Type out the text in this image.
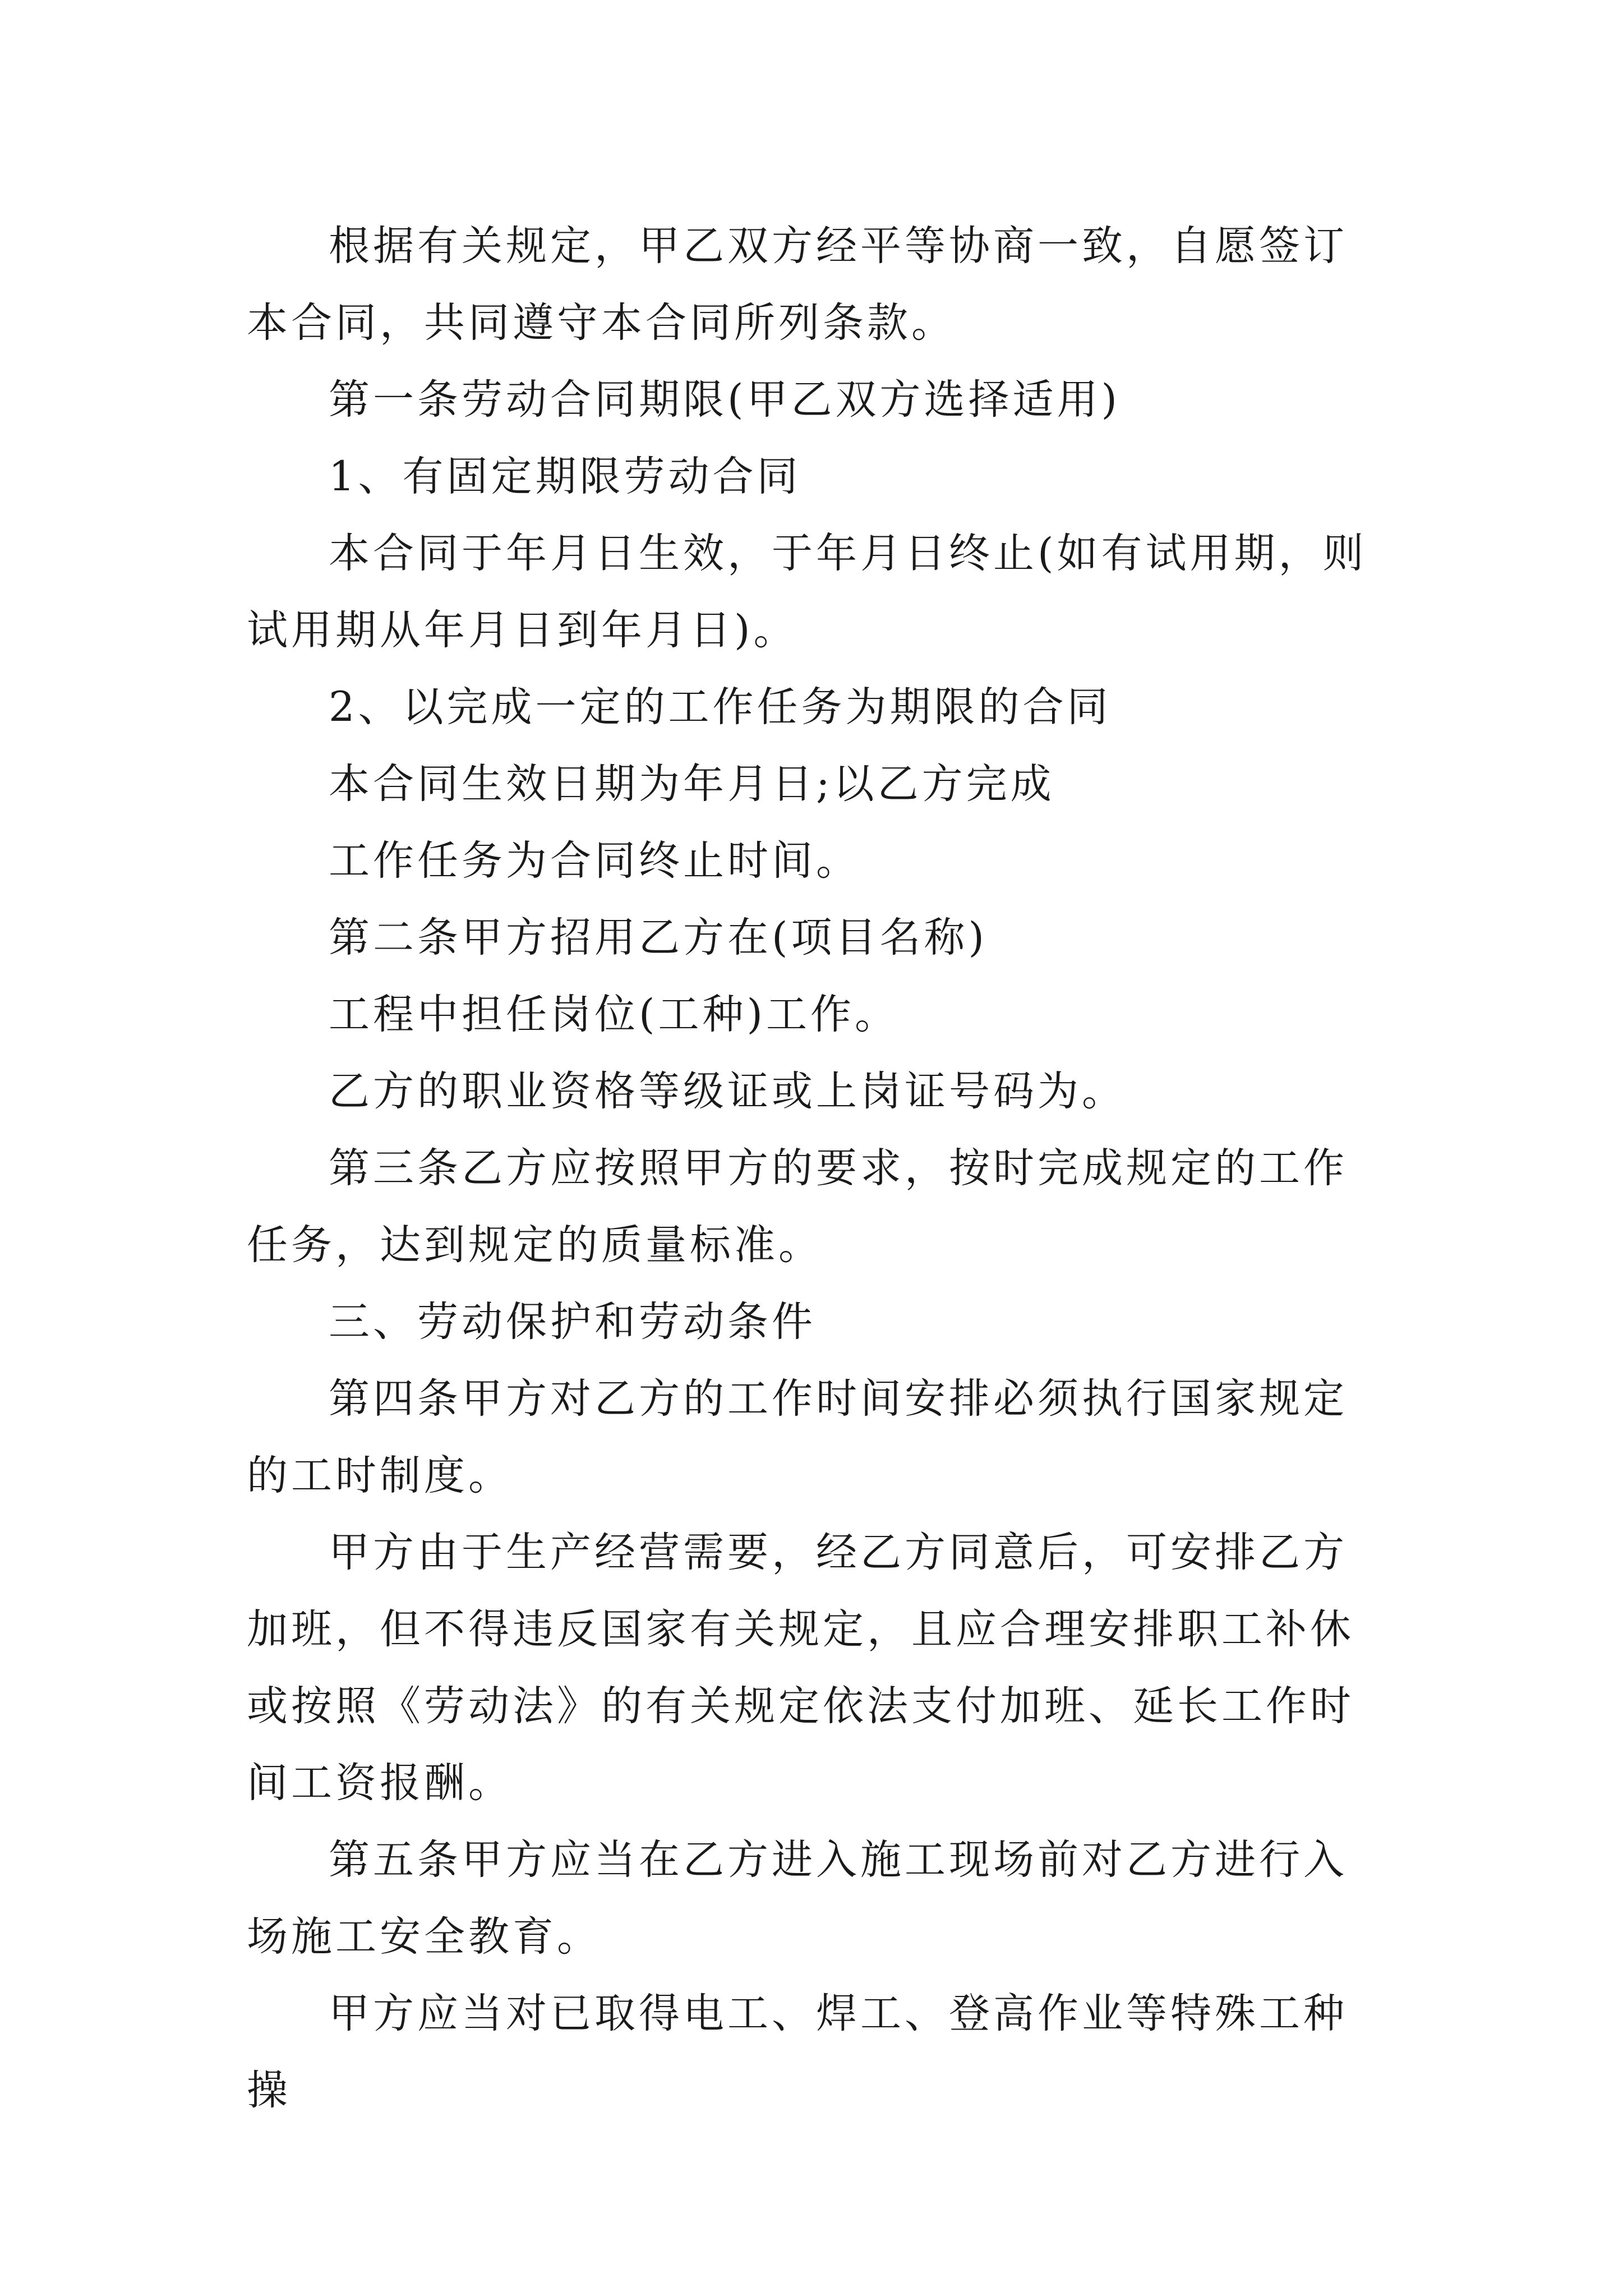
根据有关规定，甲乙双方经平等协商一致，自愿签订本合同，共同遵守本合同所列条款。

第一条劳动合同期限(甲乙双方选择适用)

1、有固定期限劳动合同

本合同于年月日生效，于年月日终止(如有试用期，则试用期从年月日到年月日)。

2、以完成一定的工作任务为期限的合同

本合同生效日期为年月日;以乙方完成

工作任务为合同终止时间。

第二条甲方招用乙方在(项目名称)

工程中担任岗位(工种)工作。

乙方的职业资格等级证或上岗证号码为。

第三条乙方应按照甲方的要求，按时完成规定的工作任务，达到规定的质量标准。

三、劳动保护和劳动条件

第四条甲方对乙方的工作时间安排必须执行国家规定的工时制度。

甲方由于生产经营需要，经乙方同意后，可安排乙方加班，但不得违反国家有关规定，且应合理安排职工补休或按照《劳动法》的有关规定依法支付加班、延长工作时间工资报酬。

第五条甲方应当在乙方进入施工现场前对乙方进行入场施工安全教育。

甲方应当对已取得电工、焊工、登高作业等特殊工种操
